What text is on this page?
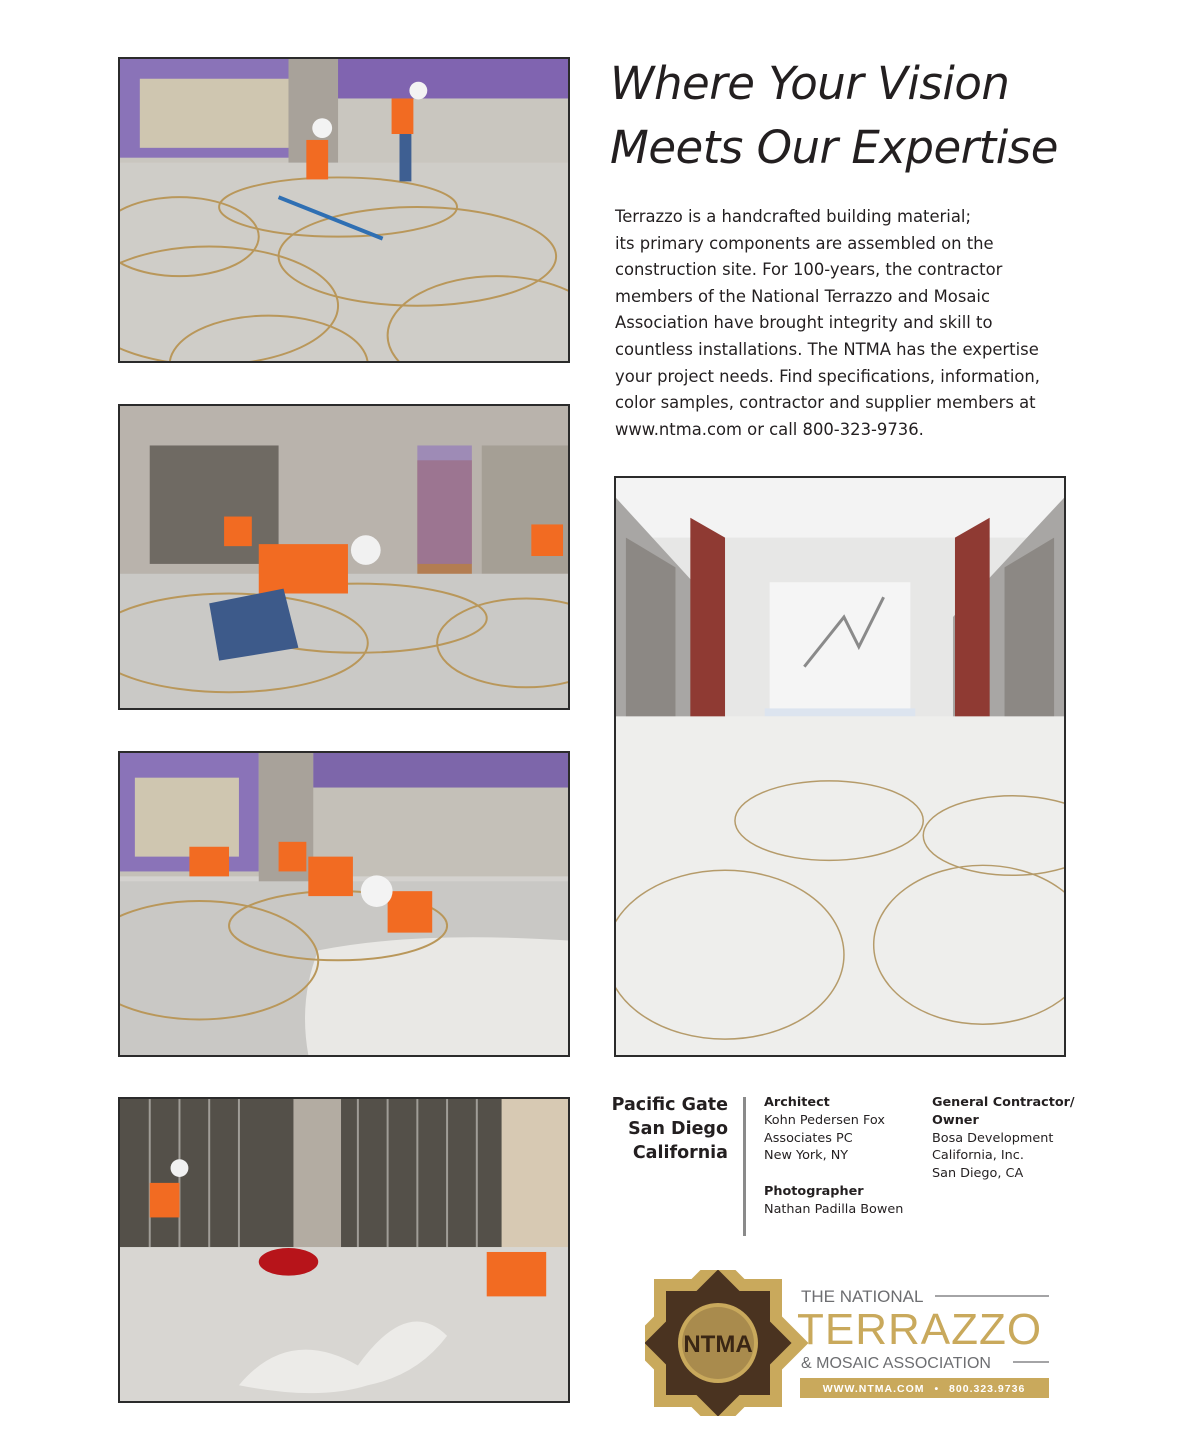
Where Your Vision
Meets Our Expertise

Terrazzo is a handcrafted building material;
its primary components are assembled on the
construction site. For 100-years, the contractor
members of the National Terrazzo and Mosaic
Association have brought integrity and skill to
countless installations. The NTMA has the expertise
your project needs. Find specifications, information,
color samples, contractor and supplier members at
www.ntma.com or call 800-323-9736.

Pacific Gate
San Diego
California
Architect
Kohn Pedersen Fox
Associates PC
New York, NY
Photographer
Nathan Padilla Bowen
General Contractor/
Owner
Bosa Development
California, Inc.
San Diego, CA
NTMA
THE NATIONAL
TERRAZZO
& MOSAIC ASSOCIATION
WWW.NTMA.COM • 800.323.9736
